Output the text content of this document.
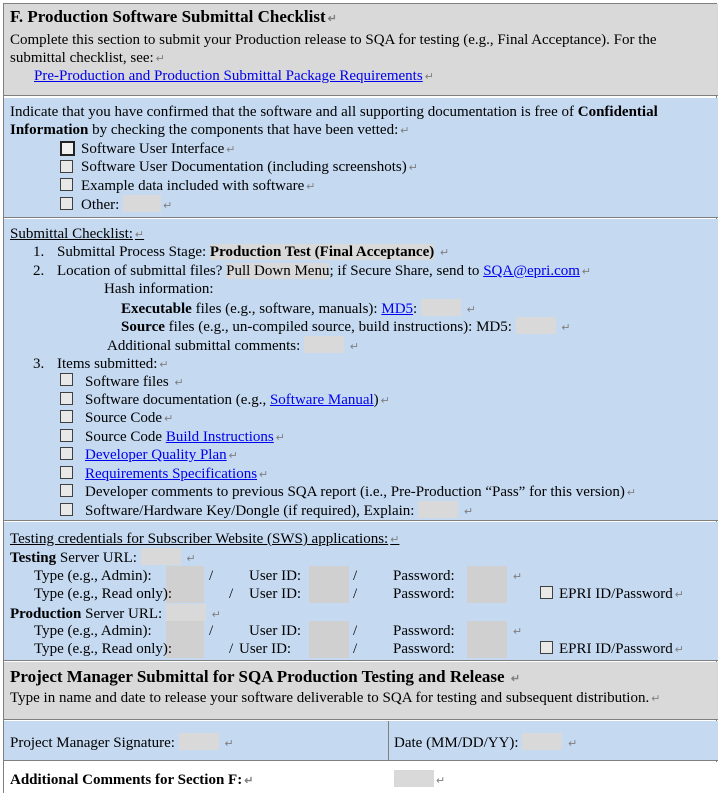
F. Production Software Submittal Checklist ↵
Complete this section to submit your Production release to SQA for testing (e.g., Final Acceptance). For the
submittal checklist, see: ↵
Pre-Production and Production Submittal Package Requirements ↵
Indicate that you have confirmed that the software and all supporting documentation is free of Confidential
Information by checking the components that have been vetted: ↵
Software User Interface ↵
Software User Documentation (including screenshots) ↵
Example data included with software ↵
Other:	↵
Submittal Checklist: ↵
1. Submittal Process Stage: Production Test (Final Acceptance) ↵
2. Location of submittal files? Pull Down Menu; if Secure Share, send to SQA@epri.com ↵
Hash information:
Executable files (e.g., software, manuals): MD5:	↵
Source files (e.g., un-compiled source, build instructions): MD5:	↵
Additional submittal comments:	↵
3. Items submitted: ↵
Software files ↵
Software documentation (e.g., Software Manual) ↵
Source Code ↵
Source Code Build Instructions ↵
Developer Quality Plan ↵
Requirements Specifications ↵
Developer comments to previous SQA report (i.e., Pre-Production “Pass” for this version) ↵
Software/Hardware Key/Dongle (if required), Explain:	↵
Testing credentials for Subscriber Website (SWS) applications: ↵
Testing Server URL:	↵
Type (e.g., Admin):	/ User ID:	/ Password:	↵
Type (e.g., Read only):	/ User ID:	/ Password:	EPRI ID/Password ↵
Production Server URL:	↵
Type (e.g., Admin):	/ User ID:	/ Password:	↵
Type (e.g., Read only):	/ User ID:	/ Password:	EPRI ID/Password ↵
Project Manager Submittal for SQA Production Testing and Release ↵
Type in name and date to release your software deliverable to SQA for testing and subsequent distribution. ↵
Project Manager Signature:	↵	Date (MM/DD/YY):	↵
Additional Comments for Section F: ↵	↵
